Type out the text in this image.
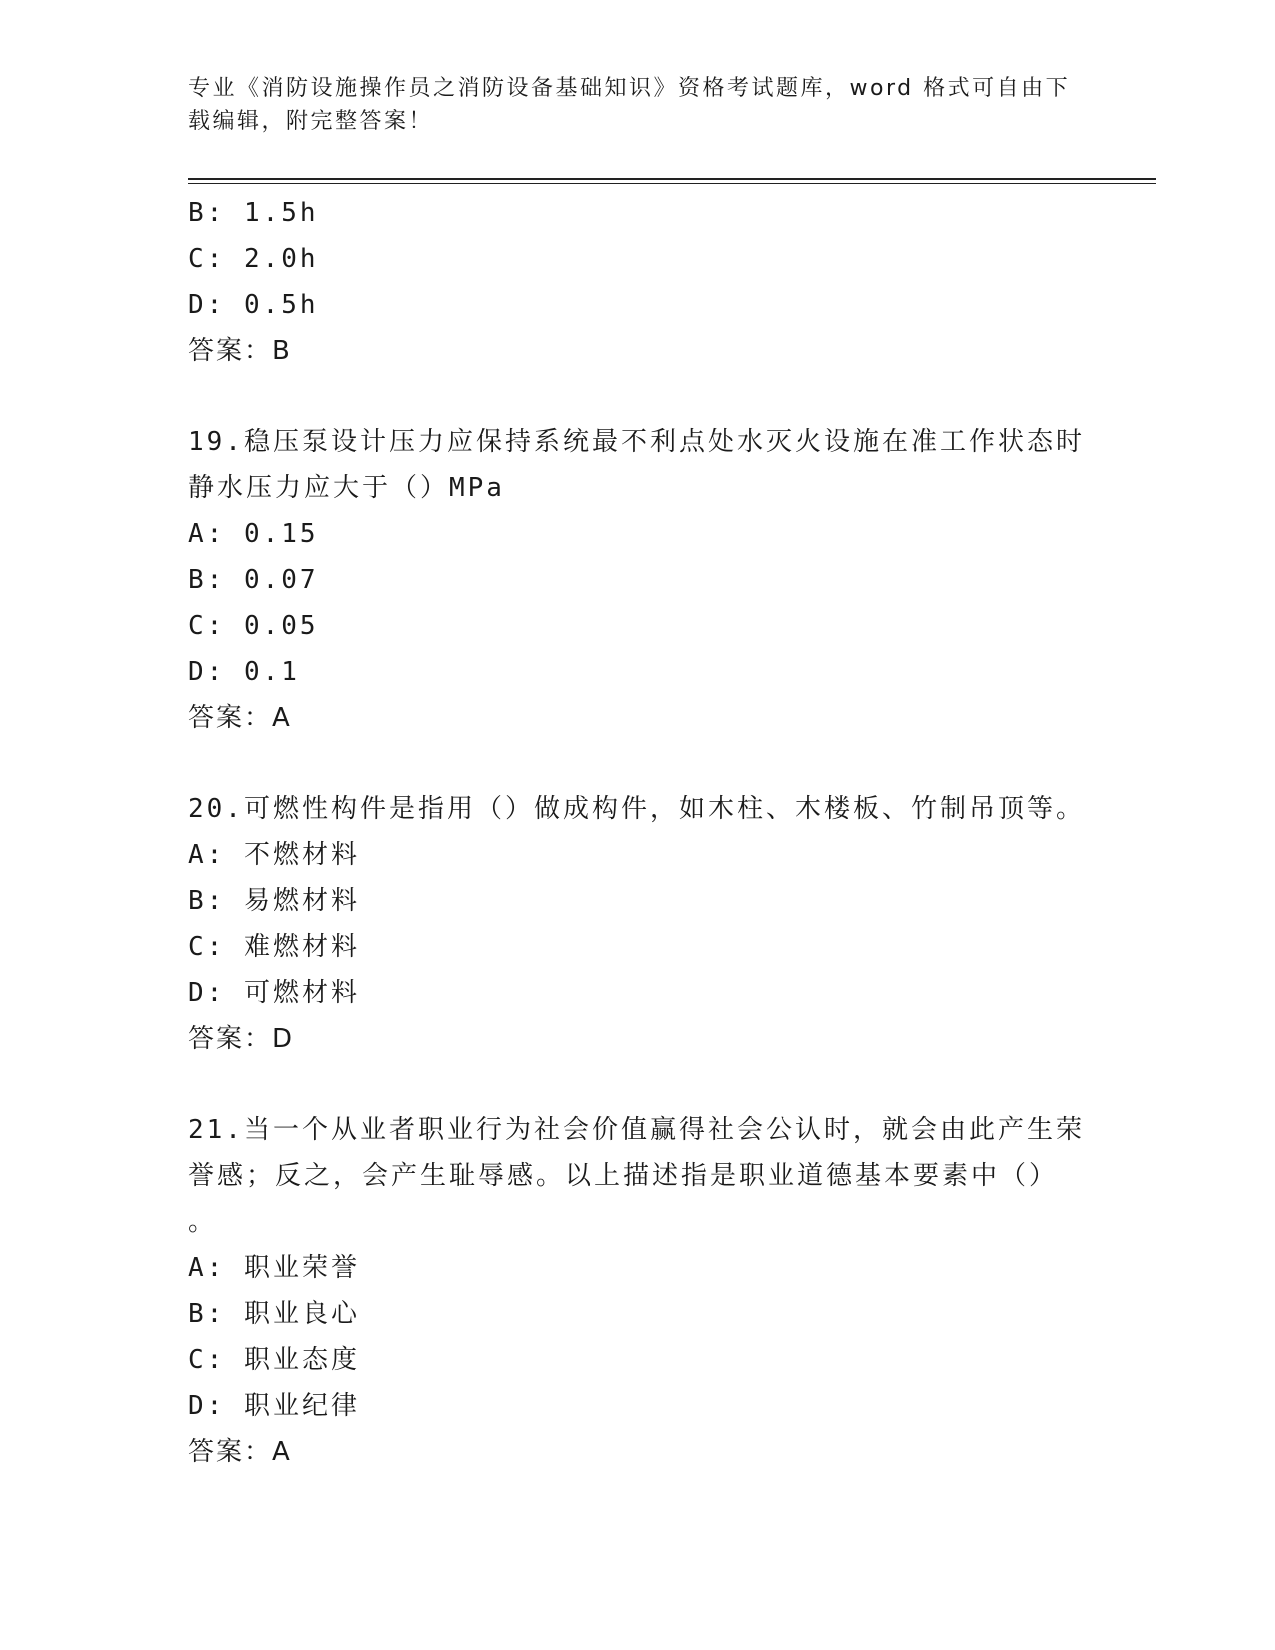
专业《消防设施操作员之消防设备基础知识》资格考试题库，word 格式可自由下
载编辑，附完整答案！
B: 1.5h
C: 2.0h
D: 0.5h
答案：B
19.稳压泵设计压力应保持系统最不利点处水灭火设施在准工作状态时
静水压力应大于（）MPa
A: 0.15
B: 0.07
C: 0.05
D: 0.1
答案：A
20.可燃性构件是指用（）做成构件，如木柱、木楼板、竹制吊顶等。
A: 不燃材料
B: 易燃材料
C: 难燃材料
D: 可燃材料
答案：D
21.当一个从业者职业行为社会价值赢得社会公认时，就会由此产生荣
誉感；反之，会产生耻辱感。以上描述指是职业道德基本要素中（）
。
A: 职业荣誉
B: 职业良心
C: 职业态度
D: 职业纪律
答案：A
